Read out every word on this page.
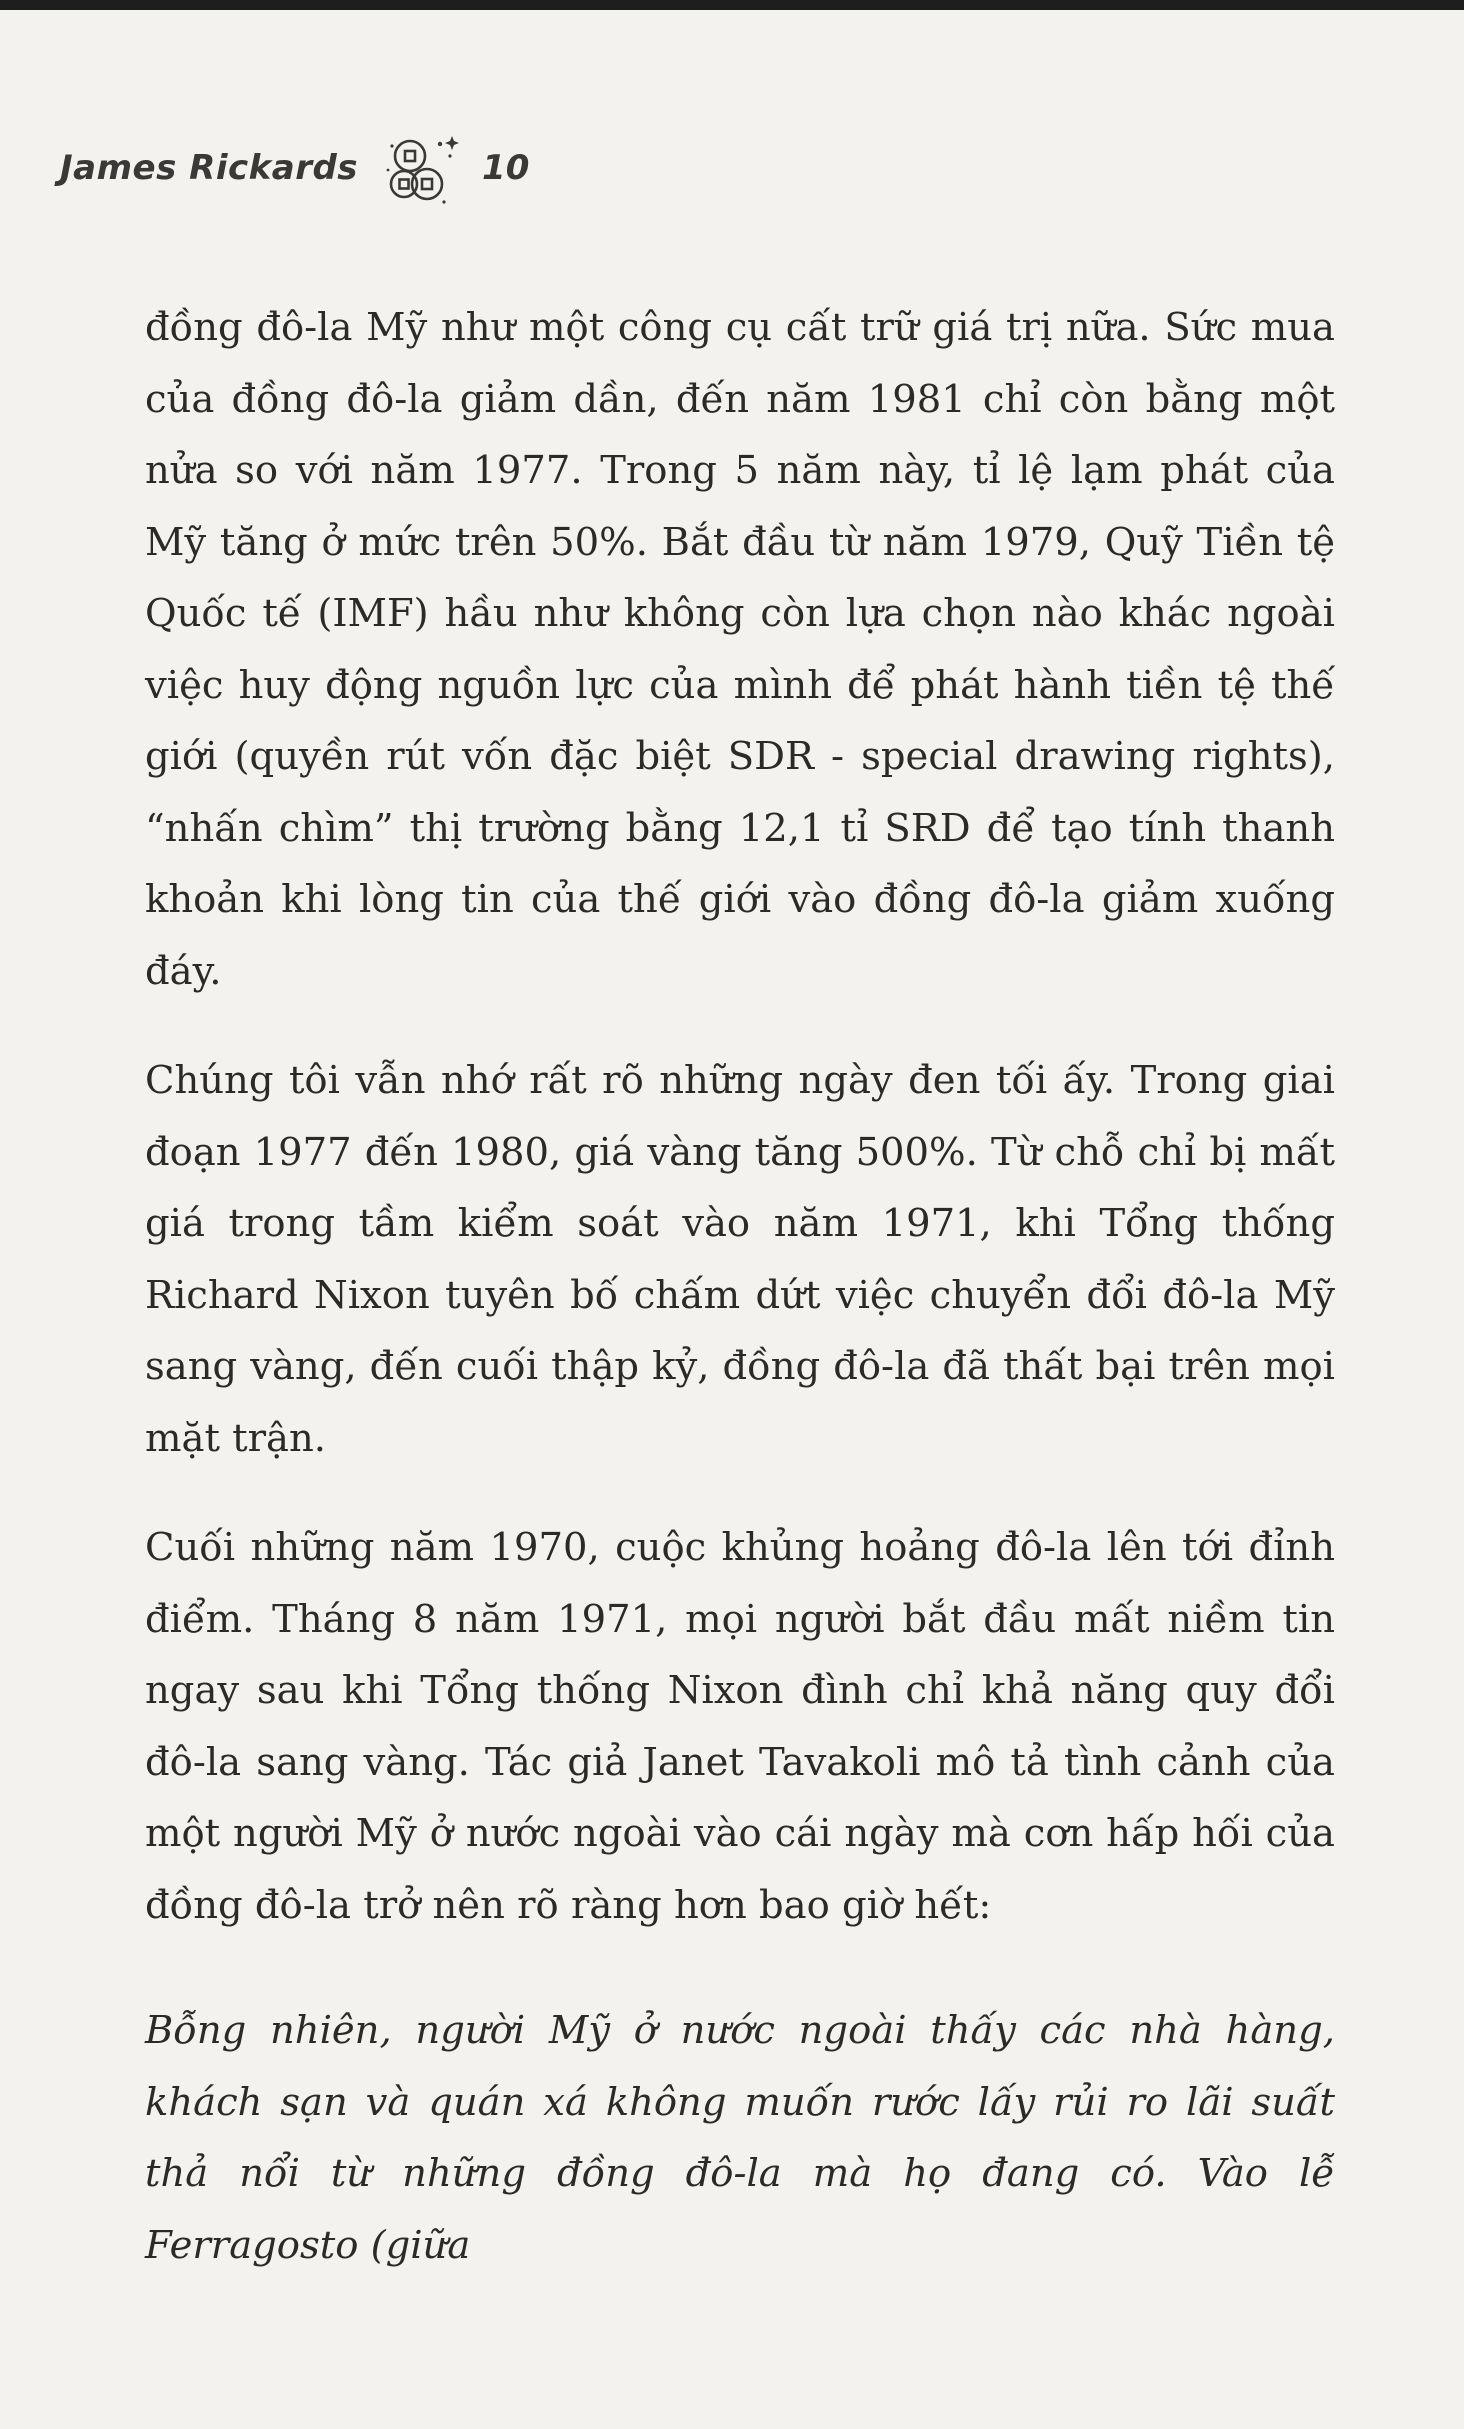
James Rickards	10

đồng đô-la Mỹ như một công cụ cất trữ giá trị nữa. Sức mua của đồng đô-la giảm dần, đến năm 1981 chỉ còn bằng một nửa so với năm 1977. Trong 5 năm này, tỉ lệ lạm phát của Mỹ tăng ở mức trên 50%. Bắt đầu từ năm 1979, Quỹ Tiền tệ Quốc tế (IMF) hầu như không còn lựa chọn nào khác ngoài việc huy động nguồn lực của mình để phát hành tiền tệ thế giới (quyền rút vốn đặc biệt SDR - special drawing rights), “nhấn chìm” thị trường bằng 12,1 tỉ SRD để tạo tính thanh khoản khi lòng tin của thế giới vào đồng đô-la giảm xuống đáy.

Chúng tôi vẫn nhớ rất rõ những ngày đen tối ấy. Trong giai đoạn 1977 đến 1980, giá vàng tăng 500%. Từ chỗ chỉ bị mất giá trong tầm kiểm soát vào năm 1971, khi Tổng thống Richard Nixon tuyên bố chấm dứt việc chuyển đổi đô-la Mỹ sang vàng, đến cuối thập kỷ, đồng đô-la đã thất bại trên mọi mặt trận.

Cuối những năm 1970, cuộc khủng hoảng đô-la lên tới đỉnh điểm. Tháng 8 năm 1971, mọi người bắt đầu mất niềm tin ngay sau khi Tổng thống Nixon đình chỉ khả năng quy đổi đô-la sang vàng. Tác giả Janet Tavakoli mô tả tình cảnh của một người Mỹ ở nước ngoài vào cái ngày mà cơn hấp hối của đồng đô-la trở nên rõ ràng hơn bao giờ hết:

Bỗng nhiên, người Mỹ ở nước ngoài thấy các nhà hàng, khách sạn và quán xá không muốn rước lấy rủi ro lãi suất thả nổi từ những đồng đô-la mà họ đang có. Vào lễ Ferragosto (giữa
